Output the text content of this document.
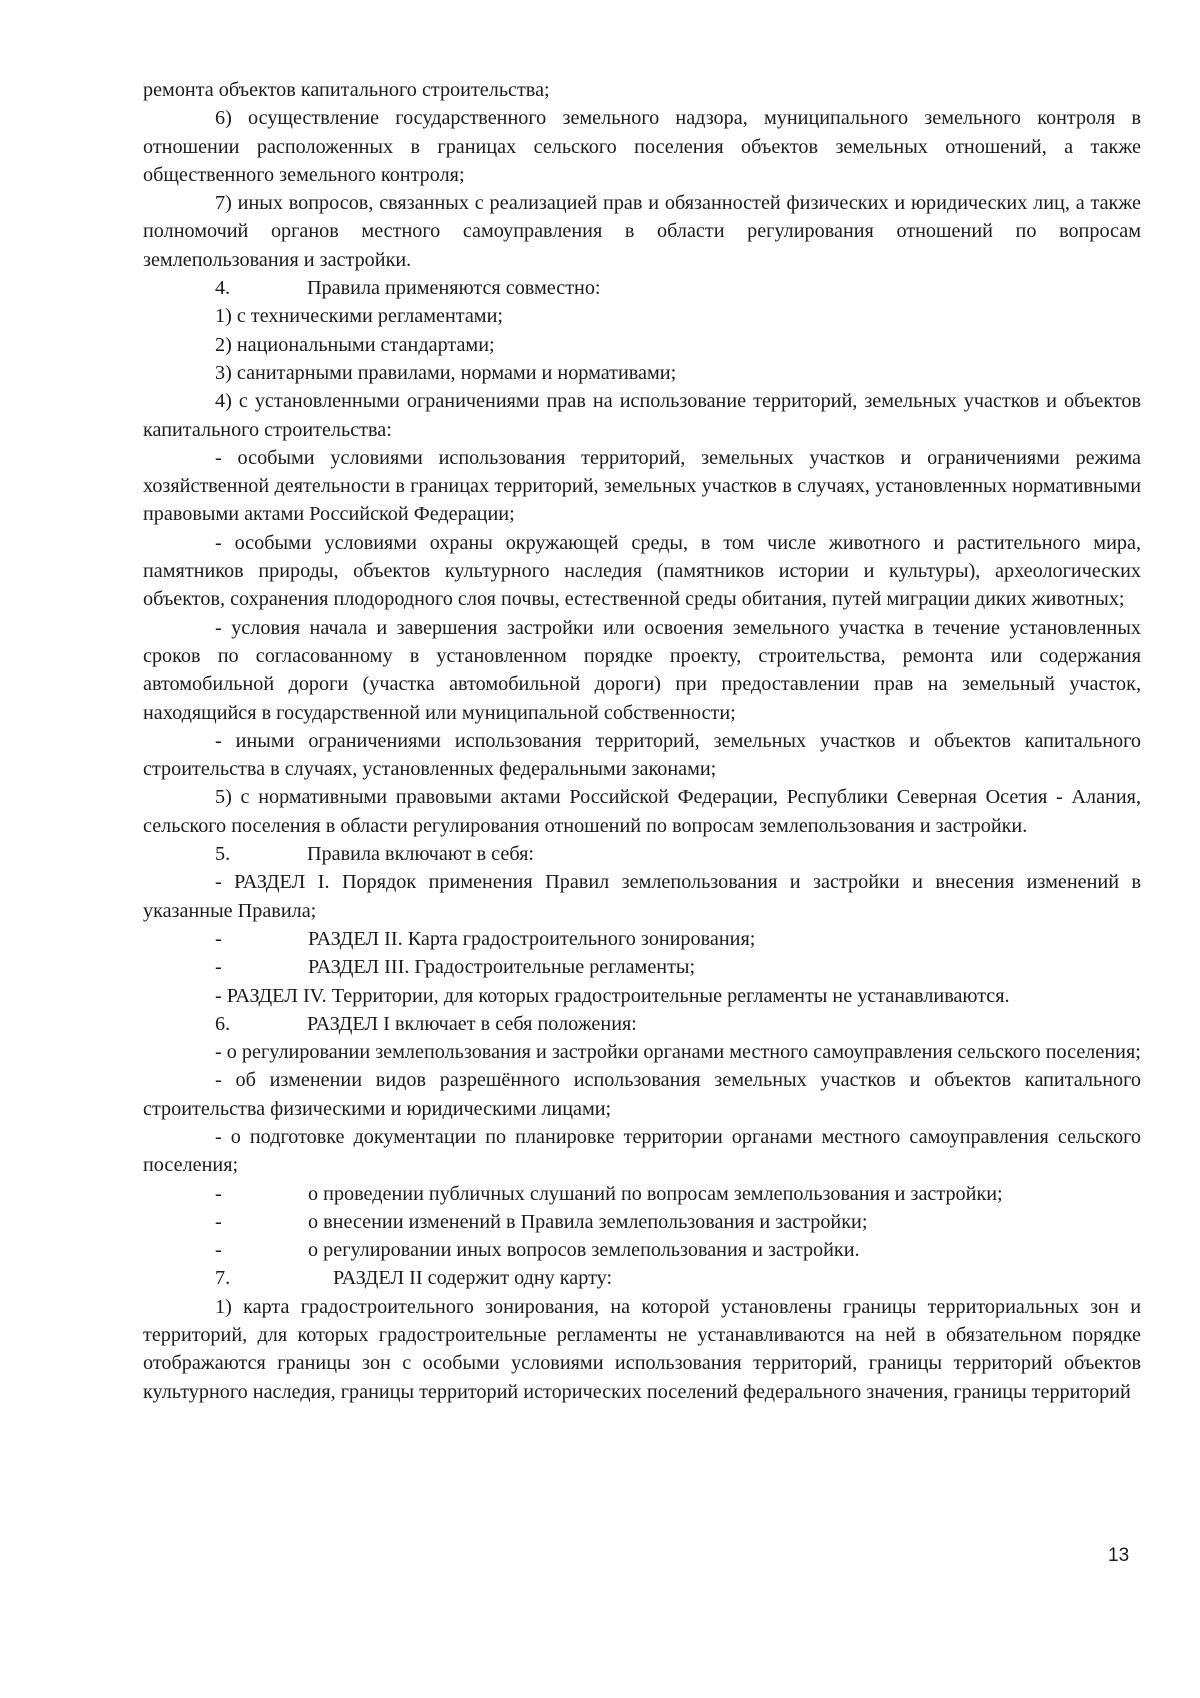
ремонта объектов капитального строительства;

6) осуществление государственного земельного надзора, муниципального земельного контроля в отношении расположенных в границах сельского поселения объектов земельных отношений, а также общественного земельного контроля;

7) иных вопросов, связанных с реализацией прав и обязанностей физических и юридических лиц, а также полномочий органов местного самоуправления в области регулирования отношений по вопросам землепользования и застройки.

4.	Правила применяются совместно:

1) с техническими регламентами;

2) национальными стандартами;

3) санитарными правилами, нормами и нормативами;

4) с установленными ограничениями прав на использование территорий, земельных участков и объектов капитального строительства:

- особыми условиями использования территорий, земельных участков и ограничениями режима хозяйственной деятельности в границах территорий, земельных участков в случаях, установленных нормативными правовыми актами Российской Федерации;

- особыми условиями охраны окружающей среды, в том числе животного и растительного мира, памятников природы, объектов культурного наследия (памятников истории и культуры), археологических объектов, сохранения плодородного слоя почвы, естественной среды обитания, путей миграции диких животных;

- условия начала и завершения застройки или освоения земельного участка в течение установленных сроков по согласованному в установленном порядке проекту, строительства, ремонта или содержания автомобильной дороги (участка автомобильной дороги) при предоставлении прав на земельный участок, находящийся в государственной или муниципальной собственности;

- иными ограничениями использования территорий, земельных участков и объектов капитального строительства в случаях, установленных федеральными законами;

5) с нормативными правовыми актами Российской Федерации, Республики Северная Осетия - Алания, сельского поселения в области регулирования отношений по вопросам землепользования и застройки.

5.	Правила включают в себя:

- РАЗДЕЛ I. Порядок применения Правил землепользования и застройки и внесения изменений в указанные Правила;

-	РАЗДЕЛ II. Карта градостроительного зонирования;
-	РАЗДЕЛ III. Градостроительные регламенты;

- РАЗДЕЛ IV. Территории, для которых градостроительные регламенты не устанавливаются.

6.	РАЗДЕЛ I включает в себя положения:

- о регулировании землепользования и застройки органами местного самоуправления сельского поселения;

- об изменении видов разрешённого использования земельных участков и объектов капитального строительства физическими и юридическими лицами;

- о подготовке документации по планировке территории органами местного самоуправления сельского поселения;

-	о проведении публичных слушаний по вопросам землепользования и застройки;
-	о внесении изменений в Правила землепользования и застройки;
-	о регулировании иных вопросов землепользования и застройки.
7.	РАЗДЕЛ II содержит одну карту:

1) карта градостроительного зонирования, на которой установлены границы территориальных зон и территорий, для которых градостроительные регламенты не устанавливаются на ней в обязательном порядке отображаются границы зон с особыми условиями использования территорий, границы территорий объектов культурного наследия, границы территорий исторических поселений федерального значения, границы территорий

13
